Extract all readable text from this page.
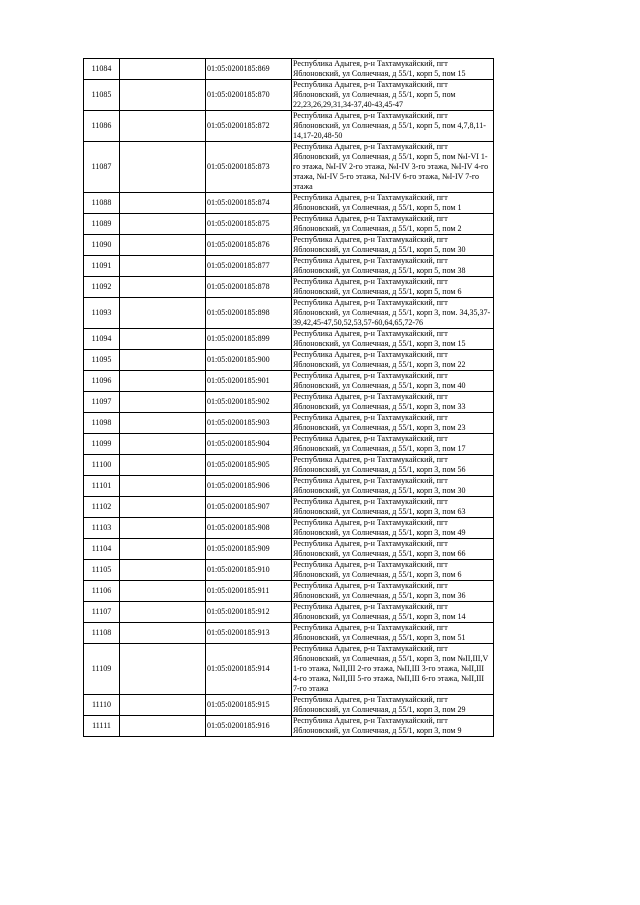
11084		01:05:0200185:869	Республика Адыгея, р-н Тахтамукайский, пгт Яблоновский, ул Солнечная, д 55/1, корп 5, пом 15
11085		01:05:0200185:870	Республика Адыгея, р-н Тахтамукайский, пгт Яблоновский, ул Солнечная, д 55/1, корп 5, пом 22,23,26,29,31,34-37,40-43,45-47
11086		01:05:0200185:872	Республика Адыгея, р-н Тахтамукайский, пгт Яблоновский, ул Солнечная, д 55/1, корп 5, пом 4,7,8,11-14,17-20,48-50
11087		01:05:0200185:873	Республика Адыгея, р-н Тахтамукайский, пгт Яблоновский, ул Солнечная, д 55/1, корп 5, пом №I-VI 1-го этажа, №I-IV 2-го этажа, №I-IV 3-го этажа, №I-IV 4-го этажа, №I-IV 5-го этажа, №I-IV 6-го этажа, №I-IV 7-го этажа
11088		01:05:0200185:874	Республика Адыгея, р-н Тахтамукайский, пгт Яблоновский, ул Солнечная, д 55/1, корп 5, пом 1
11089		01:05:0200185:875	Республика Адыгея, р-н Тахтамукайский, пгт Яблоновский, ул Солнечная, д 55/1, корп 5, пом 2
11090		01:05:0200185:876	Республика Адыгея, р-н Тахтамукайский, пгт Яблоновский, ул Солнечная, д 55/1, корп 5, пом 30
11091		01:05:0200185:877	Республика Адыгея, р-н Тахтамукайский, пгт Яблоновский, ул Солнечная, д 55/1, корп 5, пом 38
11092		01:05:0200185:878	Республика Адыгея, р-н Тахтамукайский, пгт Яблоновский, ул Солнечная, д 55/1, корп 5, пом 6
11093		01:05:0200185:898	Республика Адыгея, р-н Тахтамукайский, пгт Яблоновский, ул Солнечная, д 55/1, корп 3, пом. 34,35,37-39,42,45-47,50,52,53,57-60,64,65,72-76
11094		01:05:0200185:899	Республика Адыгея, р-н Тахтамукайский, пгт Яблоновский, ул Солнечная, д 55/1, корп 3, пом 15
11095		01:05:0200185:900	Республика Адыгея, р-н Тахтамукайский, пгт Яблоновский, ул Солнечная, д 55/1, корп 3, пом 22
11096		01:05:0200185:901	Республика Адыгея, р-н Тахтамукайский, пгт Яблоновский, ул Солнечная, д 55/1, корп 3, пом 40
11097		01:05:0200185:902	Республика Адыгея, р-н Тахтамукайский, пгт Яблоновский, ул Солнечная, д 55/1, корп 3, пом 33
11098		01:05:0200185:903	Республика Адыгея, р-н Тахтамукайский, пгт Яблоновский, ул Солнечная, д 55/1, корп 3, пом 23
11099		01:05:0200185:904	Республика Адыгея, р-н Тахтамукайский, пгт Яблоновский, ул Солнечная, д 55/1, корп 3, пом 17
11100		01:05:0200185:905	Республика Адыгея, р-н Тахтамукайский, пгт Яблоновский, ул Солнечная, д 55/1, корп 3, пом 56
11101		01:05:0200185:906	Республика Адыгея, р-н Тахтамукайский, пгт Яблоновский, ул Солнечная, д 55/1, корп 3, пом 30
11102		01:05:0200185:907	Республика Адыгея, р-н Тахтамукайский, пгт Яблоновский, ул Солнечная, д 55/1, корп 3, пом 63
11103		01:05:0200185:908	Республика Адыгея, р-н Тахтамукайский, пгт Яблоновский, ул Солнечная, д 55/1, корп 3, пом 49
11104		01:05:0200185:909	Республика Адыгея, р-н Тахтамукайский, пгт Яблоновский, ул Солнечная, д 55/1, корп 3, пом 66
11105		01:05:0200185:910	Республика Адыгея, р-н Тахтамукайский, пгт Яблоновский, ул Солнечная, д 55/1, корп 3, пом 6
11106		01:05:0200185:911	Республика Адыгея, р-н Тахтамукайский, пгт Яблоновский, ул Солнечная, д 55/1, корп 3, пом 36
11107		01:05:0200185:912	Республика Адыгея, р-н Тахтамукайский, пгт Яблоновский, ул Солнечная, д 55/1, корп 3, пом 14
11108		01:05:0200185:913	Республика Адыгея, р-н Тахтамукайский, пгт Яблоновский, ул Солнечная, д 55/1, корп 3, пом 51
11109		01:05:0200185:914	Республика Адыгея, р-н Тахтамукайский, пгт Яблоновский, ул Солнечная, д 55/1, корп 3, пом №II,III,V 1-го этажа, №II,III 2-го этажа, №II,III 3-го этажа, №II,III 4-го этажа, №II,III 5-го этажа, №II,III 6-го этажа, №II,III 7-го этажа
11110		01:05:0200185:915	Республика Адыгея, р-н Тахтамукайский, пгт Яблоновский, ул Солнечная, д 55/1, корп 3, пом 29
11111		01:05:0200185:916	Республика Адыгея, р-н Тахтамукайский, пгт Яблоновский, ул Солнечная, д 55/1, корп 3, пом 9
